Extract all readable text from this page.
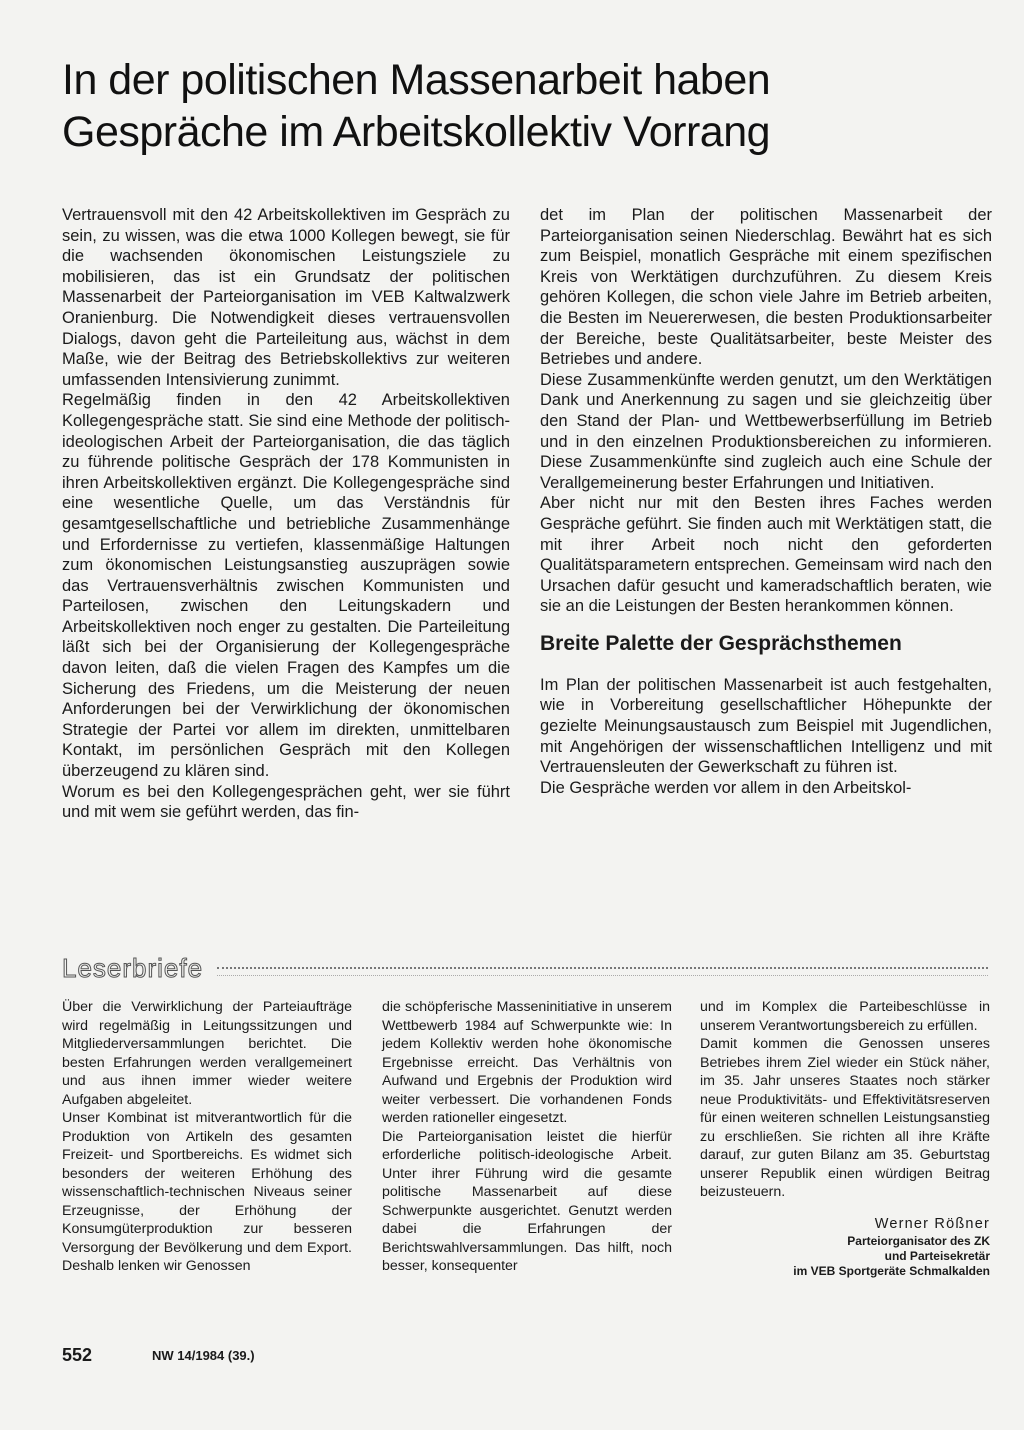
In der politischen Massenarbeit haben
Gespräche im Arbeitskollektiv Vorrang

Vertrauensvoll mit den 42 Arbeitskollektiven im Gespräch zu sein, zu wissen, was die etwa 1000 Kollegen bewegt, sie für die wachsenden ökonomischen Leistungsziele zu mobilisieren, das ist ein Grundsatz der politischen Massenarbeit der Parteiorganisation im VEB Kaltwalzwerk Oranienburg. Die Notwendigkeit dieses vertrauensvollen Dialogs, davon geht die Parteileitung aus, wächst in dem Maße, wie der Beitrag des Betriebskollektivs zur weiteren umfassenden Intensivierung zunimmt.

Regelmäßig finden in den 42 Arbeitskollektiven Kollegengespräche statt. Sie sind eine Methode der politisch-ideologischen Arbeit der Parteiorganisation, die das täglich zu führende politische Gespräch der 178 Kommunisten in ihren Arbeitskollektiven ergänzt. Die Kollegengespräche sind eine wesentliche Quelle, um das Verständnis für gesamtgesellschaftliche und betriebliche Zusammenhänge und Erfordernisse zu vertiefen, klassenmäßige Haltungen zum ökonomischen Leistungsanstieg auszuprägen sowie das Vertrauensverhältnis zwischen Kommunisten und Parteilosen, zwischen den Leitungskadern und Arbeitskollektiven noch enger zu gestalten. Die Parteileitung läßt sich bei der Organisierung der Kollegengespräche davon leiten, daß die vielen Fragen des Kampfes um die Sicherung des Friedens, um die Meisterung der neuen Anforderungen bei der Verwirklichung der ökonomischen Strategie der Partei vor allem im direkten, unmittelbaren Kontakt, im persönlichen Gespräch mit den Kollegen überzeugend zu klären sind.

Worum es bei den Kollegengesprächen geht, wer sie führt und mit wem sie geführt werden, das fin-

det im Plan der politischen Massenarbeit der Parteiorganisation seinen Niederschlag. Bewährt hat es sich zum Beispiel, monatlich Gespräche mit einem spezifischen Kreis von Werktätigen durchzuführen. Zu diesem Kreis gehören Kollegen, die schon viele Jahre im Betrieb arbeiten, die Besten im Neuererwesen, die besten Produktionsarbeiter der Bereiche, beste Qualitätsarbeiter, beste Meister des Betriebes und andere.

Diese Zusammenkünfte werden genutzt, um den Werktätigen Dank und Anerkennung zu sagen und sie gleichzeitig über den Stand der Plan- und Wettbewerbserfüllung im Betrieb und in den einzelnen Produktionsbereichen zu informieren. Diese Zusammenkünfte sind zugleich auch eine Schule der Verallgemeinerung bester Erfahrungen und Initiativen.

Aber nicht nur mit den Besten ihres Faches werden Gespräche geführt. Sie finden auch mit Werktätigen statt, die mit ihrer Arbeit noch nicht den geforderten Qualitätsparametern entsprechen. Gemeinsam wird nach den Ursachen dafür gesucht und kameradschaftlich beraten, wie sie an die Leistungen der Besten herankommen können.

Breite Palette der Gesprächsthemen

Im Plan der politischen Massenarbeit ist auch festgehalten, wie in Vorbereitung gesellschaftlicher Höhepunkte der gezielte Meinungsaustausch zum Beispiel mit Jugendlichen, mit Angehörigen der wissenschaftlichen Intelligenz und mit Vertrauensleuten der Gewerkschaft zu führen ist.

Die Gespräche werden vor allem in den Arbeitskol-

Leserbriefe

Über die Verwirklichung der Parteiaufträge wird regelmäßig in Leitungssitzungen und Mitgliederversammlungen berichtet. Die besten Erfahrungen werden verallgemeinert und aus ihnen immer wieder weitere Aufgaben abgeleitet.

Unser Kombinat ist mitverantwortlich für die Produktion von Artikeln des gesamten Freizeit- und Sportbereichs. Es widmet sich besonders der weiteren Erhöhung des wissenschaftlich-technischen Niveaus seiner Erzeugnisse, der Erhöhung der Konsumgüterproduktion zur besseren Versorgung der Bevölkerung und dem Export. Deshalb lenken wir Genossen

die schöpferische Masseninitiative in unserem Wettbewerb 1984 auf Schwerpunkte wie: In jedem Kollektiv werden hohe ökonomische Ergebnisse erreicht. Das Verhältnis von Aufwand und Ergebnis der Produktion wird weiter verbessert. Die vorhandenen Fonds werden rationeller eingesetzt.

Die Parteiorganisation leistet die hierfür erforderliche politisch-ideologische Arbeit. Unter ihrer Führung wird die gesamte politische Massenarbeit auf diese Schwerpunkte ausgerichtet. Genutzt werden dabei die Erfahrungen der Berichtswahlversammlungen. Das hilft, noch besser, konsequenter

und im Komplex die Parteibeschlüsse in unserem Verantwortungsbereich zu erfüllen.

Damit kommen die Genossen unseres Betriebes ihrem Ziel wieder ein Stück näher, im 35. Jahr unseres Staates noch stärker neue Produktivitäts- und Effektivitätsreserven für einen weiteren schnellen Leistungsanstieg zu erschließen. Sie richten all ihre Kräfte darauf, zur guten Bilanz am 35. Geburtstag unserer Republik einen würdigen Beitrag beizusteuern.

Werner Rößner
Parteiorganisator des ZK
und Parteisekretär
im VEB Sportgeräte Schmalkalden
552	NW 14/1984 (39.)
